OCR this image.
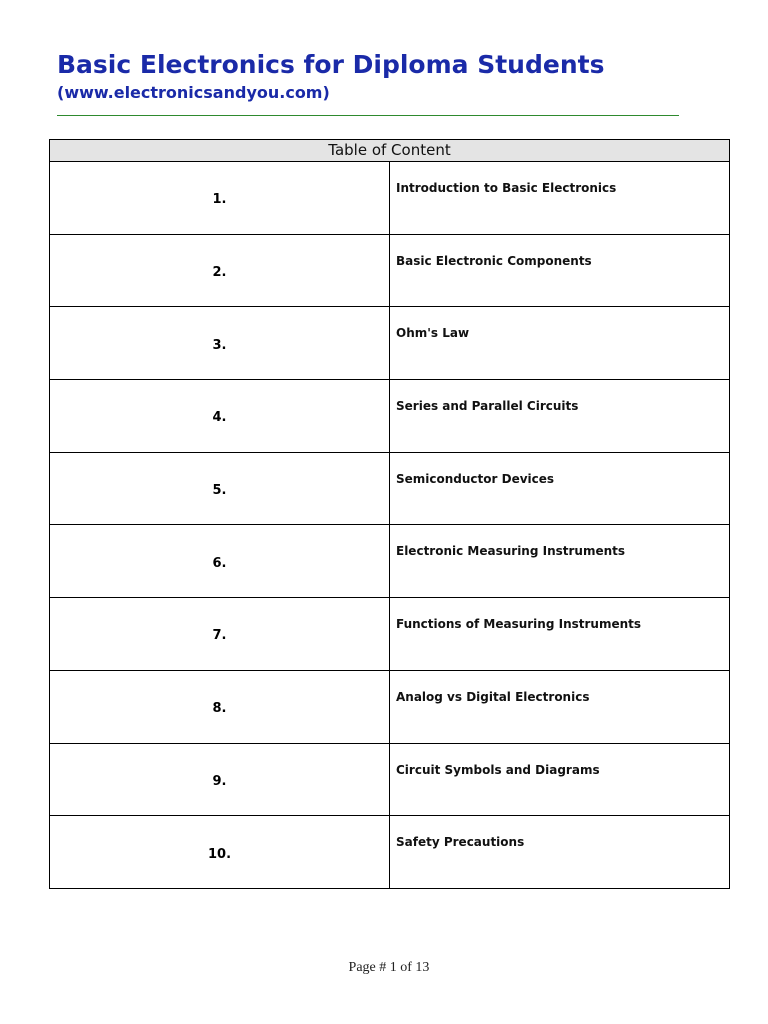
Basic Electronics for Diploma Students
(www.electronicsandyou.com)
Table of Content	
1.	Introduction to Basic Electronics
2.	Basic Electronic Components
3.	Ohm's Law
4.	Series and Parallel Circuits
5.	Semiconductor Devices
6.	Electronic Measuring Instruments
7.	Functions of Measuring Instruments
8.	Analog vs Digital Electronics
9.	Circuit Symbols and Diagrams
10.	Safety Precautions
Page # 1 of 13
